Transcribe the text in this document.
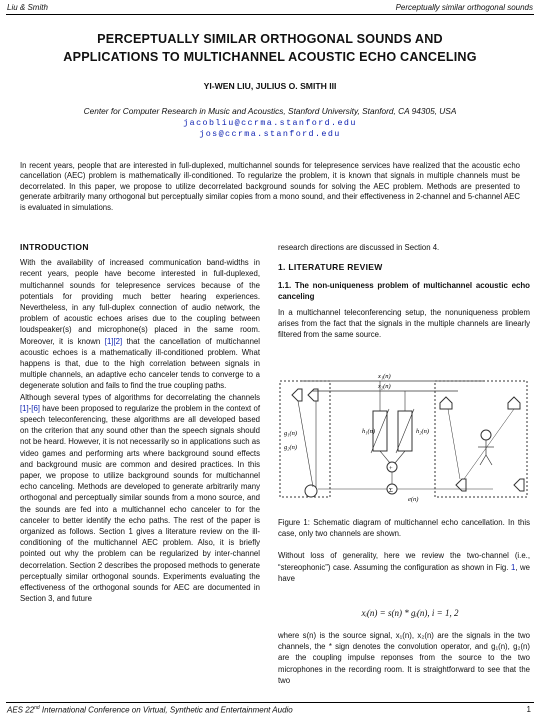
Liu & Smith	Perceptually similar orthogonal sounds
PERCEPTUALLY SIMILAR ORTHOGONAL SOUNDS AND
APPLICATIONS TO MULTICHANNEL ACOUSTIC ECHO CANCELING
YI-WEN LIU, JULIUS O. SMITH III
Center for Computer Research in Music and Acoustics, Stanford University, Stanford, CA 94305, USA
jacobliu@ccrma.stanford.edu
jos@ccrma.stanford.edu
In recent years, people that are interested in full-duplexed, multichannel sounds for telepresence services have realized that the acoustic echo cancellation (AEC) problem is mathematically ill-conditioned. To regularize the problem, it is known that signals in multiple channels must be decorrelated. In this paper, we propose to utilize decorrelated background sounds for solving the AEC problem. Methods are presented to generate arbitrarily many orthogonal but perceptually similar copies from a mono sound, and their effectiveness in 2-channel and 5-channel AEC is evaluated in simulations.

INTRODUCTION

With the availability of increased communication band-widths in recent years, people have become interested in full-duplexed, multichannel sounds for telepresence services because of the potentials for providing much better hearing experiences. Nevertheless, in any full-duplex connection of audio network, the problem of acoustic echoes arises due to the coupling between loudspeaker(s) and microphone(s) placed in the same room. Moreover, it is known [1][2] that the cancellation of multichannel acoustic echoes is a mathematically ill-conditioned problem. What happens is that, due to the high correlation between signals in multiple channels, an adaptive echo canceler tends to converge to a degenerate solution and fails to find the true coupling paths.

Although several types of algorithms for decorrelating the channels [1]-[6] have been proposed to regularize the problem in the context of speech teleconferencing, these algorithms are all developed based on the criterion that any sound other than the speech signals should not be heard. However, it is not necessarily so in applications such as video games and performing arts where background sound effects and background music are common and desired practices. In this paper, we propose to utilize background sounds for multichannel echo canceling. Methods are developed to generate arbitrarily many orthogonal and perceptually similar sounds from a mono source, and the sounds are fed into a multichannel echo canceler to for the canceler to better identify the echo paths. The rest of the paper is organized as follows. Section 1 gives a literature review on the ill-conditioning of the multichannel AEC problem. Also, it is briefly pointed out why the problem can be regularized by inter-channel decorrelation. Section 2 describes the proposed methods to generate perceptually similar orthogonal sounds. Experiments evaluating the effectiveness of the orthogonal sounds for AEC are documented in Section 3, and future

research directions are discussed in Section 4.

1. LITERATURE REVIEW

1.1. The non-uniqueness problem of multichannel acoustic echo canceling

In a multichannel teleconferencing setup, the nonuniqueness problem arises from the fact that the signals in the multiple channels are linearly filtered from the same source.

x₁(n)
x₂(n)
g₁(n)
g₂(n)
h₁(n)	h₂(n)
+
Σ
e(n)

Figure 1: Schematic diagram of multichannel echo cancellation. In this case, only two channels are shown.

Without loss of generality, here we review the two-channel (i.e., “stereophonic”) case. Assuming the configuration as shown in Fig. 1, we have

xᵢ(n) = s(n) * gᵢ(n), i = 1, 2

where s(n) is the source signal, x₁(n), x₂(n) are the signals in the two channels, the * sign denotes the convolution operator, and g₁(n), g₂(n) are the coupling impulse reponses from the source to the two microphones in the recording room. It is straightforward to see that the two

AES 22nd International Conference on Virtual, Synthetic and Entertainment Audio	1
